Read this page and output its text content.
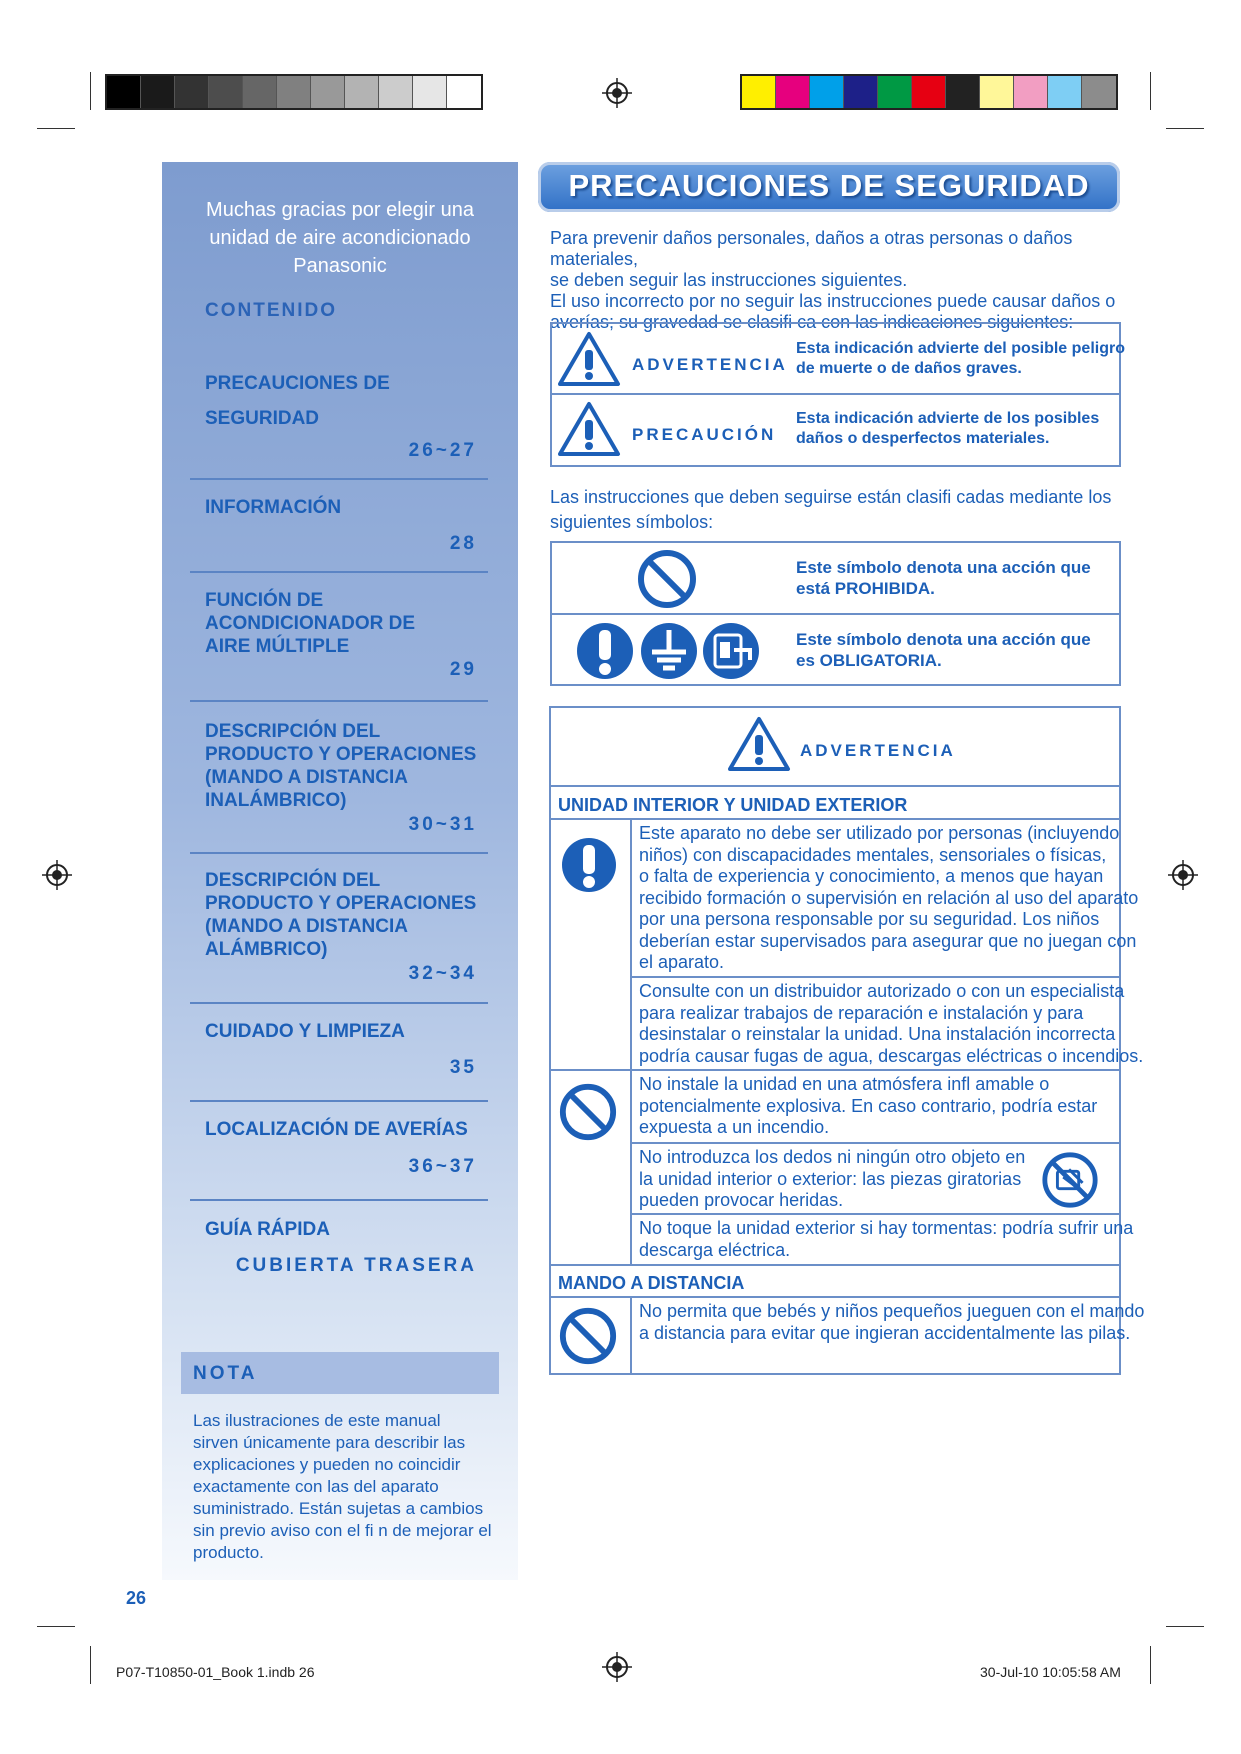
Muchas gracias por elegir una
unidad de aire acondicionado
Panasonic
CONTENIDO
PRECAUCIONES DE
SEGURIDAD
26~27
INFORMACIÓN
28
FUNCIÓN DE
ACONDICIONADOR DE
AIRE MÚLTIPLE
29
DESCRIPCIÓN DEL
PRODUCTO Y OPERACIONES
(MANDO A DISTANCIA
INALÁMBRICO)
30~31
DESCRIPCIÓN DEL
PRODUCTO Y OPERACIONES
(MANDO A DISTANCIA
ALÁMBRICO)
32~34
CUIDADO Y LIMPIEZA
35
LOCALIZACIÓN DE AVERÍAS
36~37
GUÍA RÁPIDA
CUBIERTA TRASERA
NOTA
Las ilustraciones de este manual
sirven únicamente para describir las
explicaciones y pueden no coincidir
exactamente con las del aparato
suministrado. Están sujetas a cambios
sin previo aviso con el ﬁ n de mejorar el
producto.
PRECAUCIONES DE SEGURIDAD
Para prevenir daños personales, daños a otras personas o daños materiales,
se deben seguir las instrucciones siguientes.
El uso incorrecto por no seguir las instrucciones puede causar daños o
averías; su gravedad se clasiﬁ ca con las indicaciones siguientes:
ADVERTENCIA
Esta indicación advierte del posible peligro
de muerte o de daños graves.
PRECAUCIÓN
Esta indicación advierte de los posibles
daños o desperfectos materiales.
Las instrucciones que deben seguirse están clasiﬁ cadas mediante los
siguientes símbolos:
Este símbolo denota una acción que
está PROHIBIDA.
Este símbolo denota una acción que
es OBLIGATORIA.
ADVERTENCIA
UNIDAD INTERIOR Y UNIDAD EXTERIOR
Este aparato no debe ser utilizado por personas (incluyendo
niños) con discapacidades mentales, sensoriales o físicas,
o falta de experiencia y conocimiento, a menos que hayan
recibido formación o supervisión en relación al uso del aparato
por una persona responsable por su seguridad. Los niños
deberían estar supervisados para asegurar que no juegan con
el aparato.
Consulte con un distribuidor autorizado o con un especialista
para realizar trabajos de reparación e instalación y para
desinstalar o reinstalar la unidad. Una instalación incorrecta
podría causar fugas de agua, descargas eléctricas o incendios.
No instale la unidad en una atmósfera inﬂ amable o
potencialmente explosiva. En caso contrario, podría estar
expuesta a un incendio.
No introduzca los dedos ni ningún otro objeto en
la unidad interior o exterior: las piezas giratorias
pueden provocar heridas.
No toque la unidad exterior si hay tormentas: podría sufrir una
descarga eléctrica.
MANDO A DISTANCIA
No permita que bebés y niños pequeños jueguen con el mando
a distancia para evitar que ingieran accidentalmente las pilas.
26
P07-T10850-01_Book 1.indb 26	30-Jul-10 10:05:58 AM
